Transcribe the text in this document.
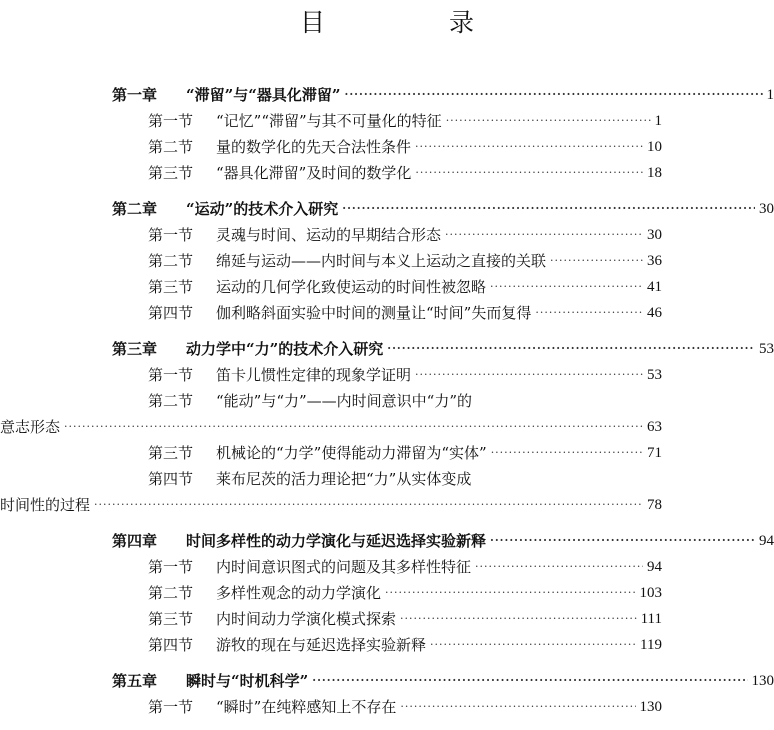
目 录
第一章	“滞留”与“器具化滞留” ·····	1
第一节	“记忆”“滞留”与其不可量化的特征 ·····	1
第二节	量的数学化的先天合法性条件 ·····	10
第三节	“器具化滞留”及时间的数学化 ·····	18
第二章	“运动”的技术介入研究 ·····	30
第一节	灵魂与时间、运动的早期结合形态 ·····	30
第二节	绵延与运动——内时间与本义上运动之直接的关联 ·····	36
第三节	运动的几何学化致使运动的时间性被忽略 ·····	41
第四节	伽利略斜面实验中时间的测量让“时间”失而复得 ·····	46
第三章	动力学中“力”的技术介入研究 ·····	53
第一节	笛卡儿惯性定律的现象学证明 ·····	53
第二节	“能动”与“力”——内时间意识中“力”的
意志形态 ·····	63
第三节	机械论的“力学”使得能动力滞留为“实体” ·····	71
第四节	莱布尼茨的活力理论把“力”从实体变成
时间性的过程 ·····	78
第四章	时间多样性的动力学演化与延迟选择实验新释 ·····	94
第一节	内时间意识图式的问题及其多样性特征 ·····	94
第二节	多样性观念的动力学演化 ·····	103
第三节	内时间动力学演化模式探索 ·····	111
第四节	游牧的现在与延迟选择实验新释 ·····	119
第五章	瞬时与“时机科学” ·····	130
第一节	“瞬时”在纯粹感知上不存在 ·····	130
